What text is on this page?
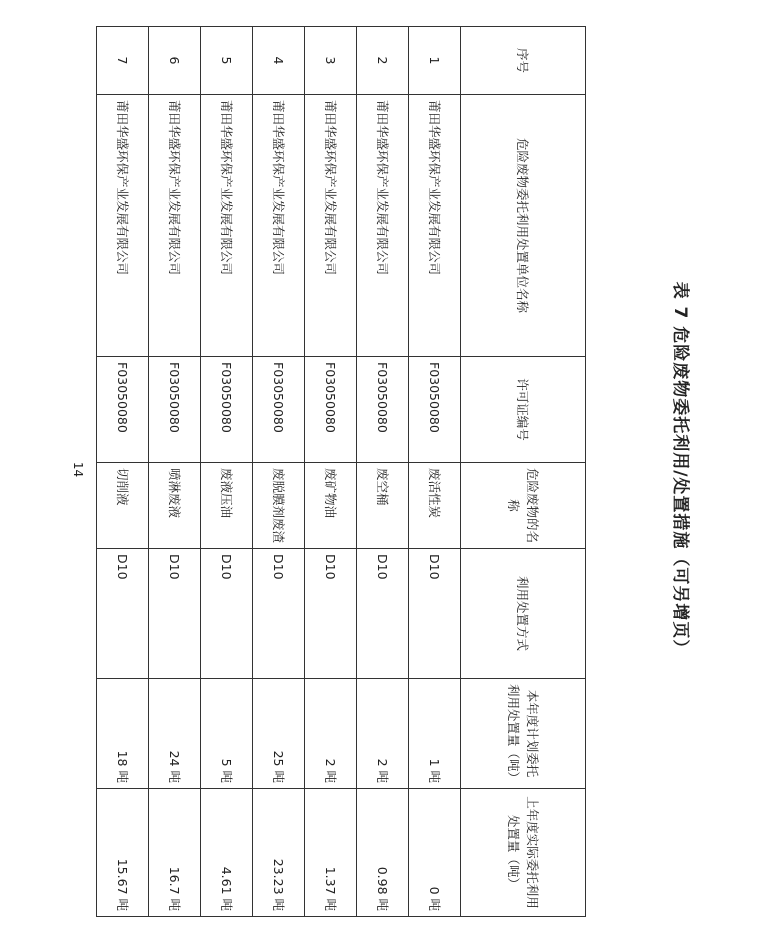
表 7 危险废物委托利用/处置措施（可另增页）
序号	危险废物委托利用处置单位名称	许可证编号	危险废物的名称	利用处置方式	本年度计划委托利用处置量（吨）	上年度实际委托利用处置量（吨）
1	莆田华盛环保产业发展有限公司	F03050080	废活性炭	D10	1 吨	0 吨
2	莆田华盛环保产业发展有限公司	F03050080	废空桶	D10	2 吨	0.98 吨
3	莆田华盛环保产业发展有限公司	F03050080	废矿物油	D10	2 吨	1.37 吨
4	莆田华盛环保产业发展有限公司	F03050080	废脱膜剂废渣	D10	25 吨	23.23 吨
5	莆田华盛环保产业发展有限公司	F03050080	废液压油	D10	5 吨	4.61 吨
6	莆田华盛环保产业发展有限公司	F03050080	喷淋废液	D10	24 吨	16.7 吨
7	莆田华盛环保产业发展有限公司	F03050080	切削液	D10	18 吨	15.67 吨
14
